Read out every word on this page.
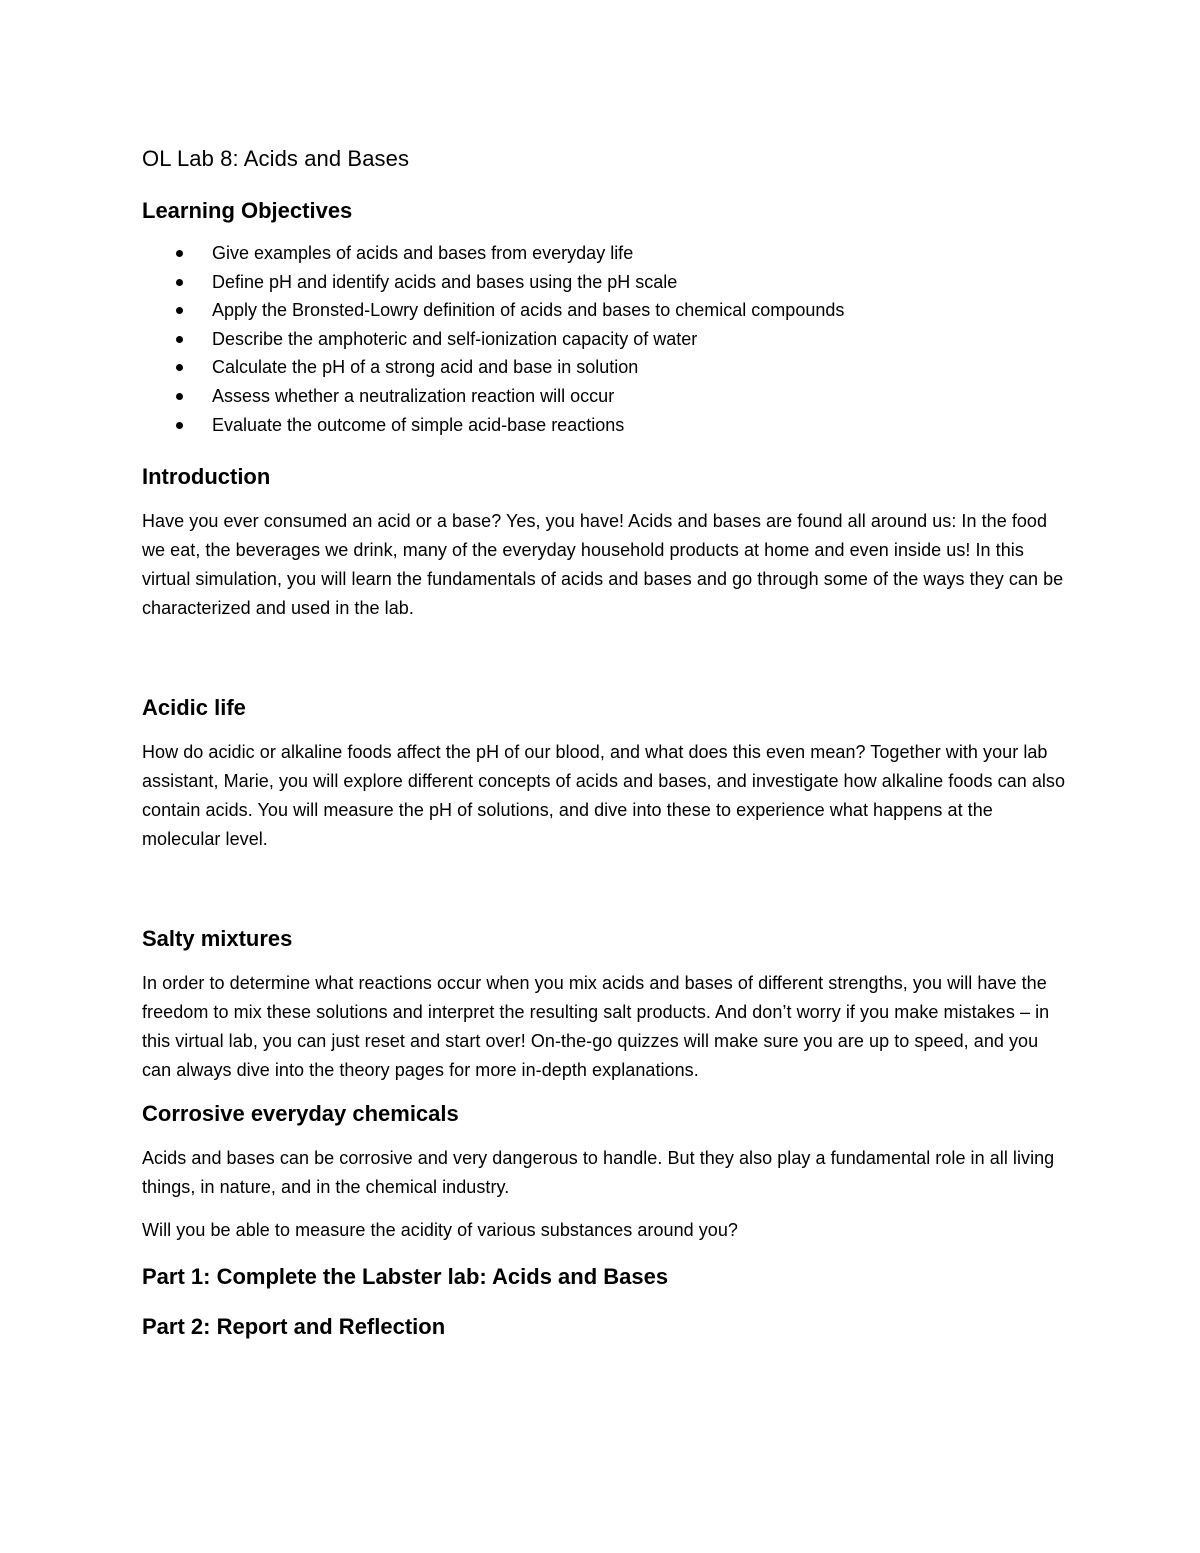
OL Lab 8: Acids and Bases
Learning Objectives
Give examples of acids and bases from everyday life
Define pH and identify acids and bases using the pH scale
Apply the Bronsted-Lowry definition of acids and bases to chemical compounds
Describe the amphoteric and self-ionization capacity of water
Calculate the pH of a strong acid and base in solution
Assess whether a neutralization reaction will occur
Evaluate the outcome of simple acid-base reactions
Introduction

Have you ever consumed an acid or a base? Yes, you have! Acids and bases are found all around us: In the food we eat, the beverages we drink, many of the everyday household products at home and even inside us! In this virtual simulation, you will learn the fundamentals of acids and bases and go through some of the ways they can be characterized and used in the lab.

Acidic life

How do acidic or alkaline foods affect the pH of our blood, and what does this even mean? Together with your lab assistant, Marie, you will explore different concepts of acids and bases, and investigate how alkaline foods can also contain acids. You will measure the pH of solutions, and dive into these to experience what happens at the molecular level.

Salty mixtures

In order to determine what reactions occur when you mix acids and bases of different strengths, you will have the freedom to mix these solutions and interpret the resulting salt products. And don’t worry if you make mistakes – in this virtual lab, you can just reset and start over! On-the-go quizzes will make sure you are up to speed, and you can always dive into the theory pages for more in-depth explanations.

Corrosive everyday chemicals

Acids and bases can be corrosive and very dangerous to handle. But they also play a fundamental role in all living things, in nature, and in the chemical industry.

Will you be able to measure the acidity of various substances around you?

Part 1: Complete the Labster lab: Acids and Bases
Part 2: Report and Reflection
